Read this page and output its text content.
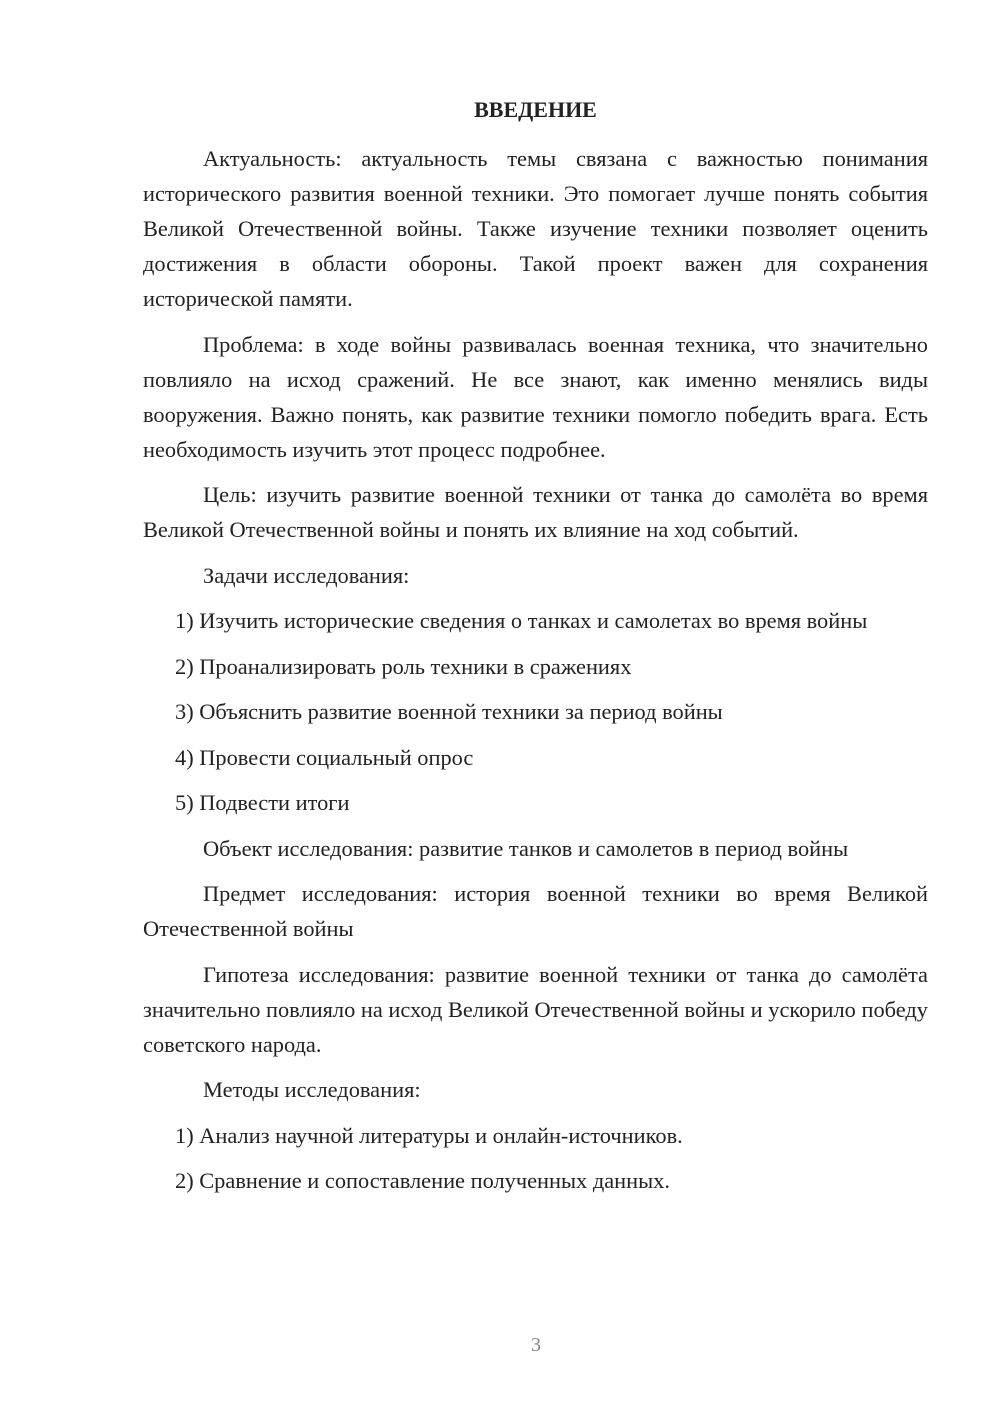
ВВЕДЕНИЕ

Актуальность: актуальность темы связана с важностью понимания исторического развития военной техники. Это помогает лучше понять события Великой Отечественной войны. Также изучение техники позволяет оценить достижения в области обороны. Такой проект важен для сохранения исторической памяти.

Проблема: в ходе войны развивалась военная техника, что значительно повлияло на исход сражений. Не все знают, как именно менялись виды вооружения. Важно понять, как развитие техники помогло победить врага. Есть необходимость изучить этот процесс подробнее.

Цель: изучить развитие военной техники от танка до самолёта во время Великой Отечественной войны и понять их влияние на ход событий.

Задачи исследования:

1) Изучить исторические сведения о танках и самолетах во время войны

2) Проанализировать роль техники в сражениях

3) Объяснить развитие военной техники за период войны

4) Провести социальный опрос

5) Подвести итоги

Объект исследования: развитие танков и самолетов в период войны

Предмет исследования: история военной техники во время Великой Отечественной войны

Гипотеза исследования: развитие военной техники от танка до самолёта значительно повлияло на исход Великой Отечественной войны и ускорило победу советского народа.

Методы исследования:

1) Анализ научной литературы и онлайн-источников.

2) Сравнение и сопоставление полученных данных.

3
